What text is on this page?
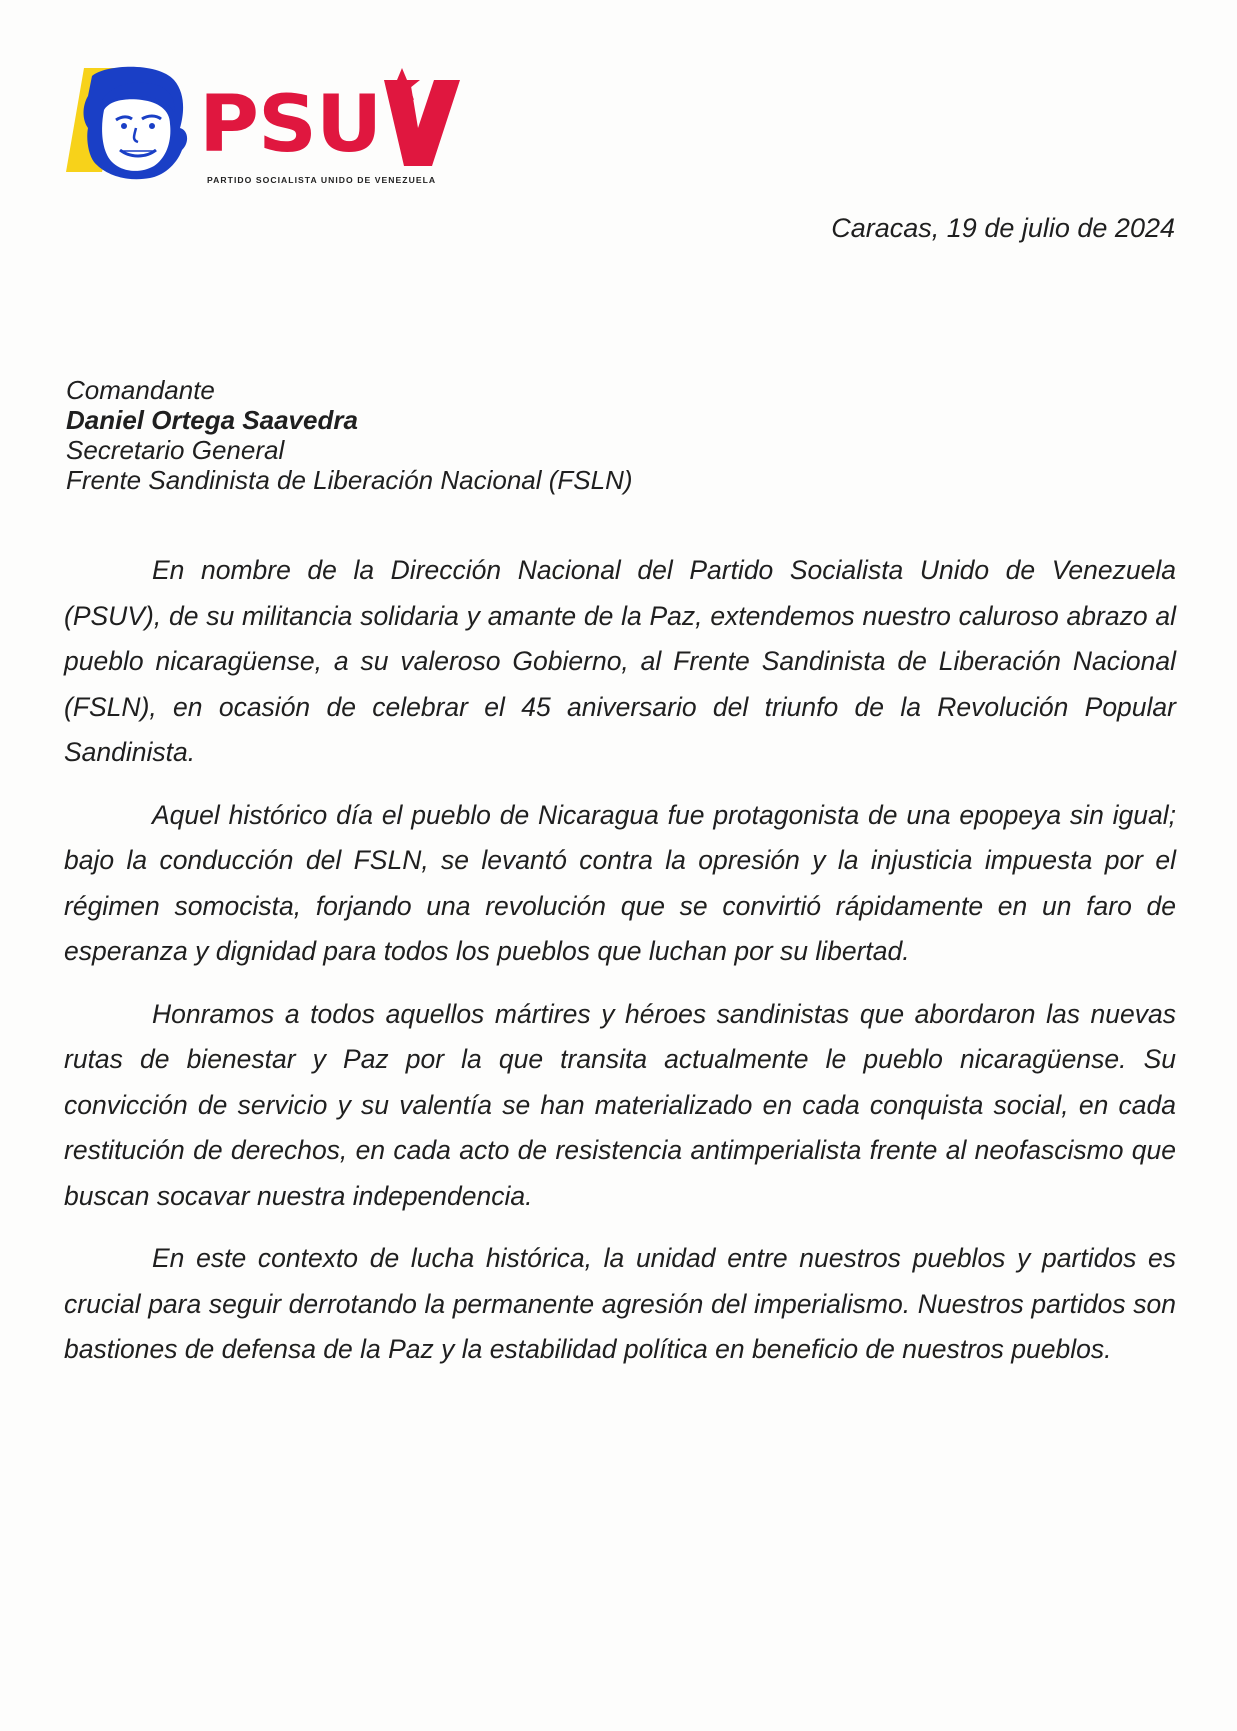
PSU
PARTIDO SOCIALISTA UNIDO DE VENEZUELA
Caracas, 19 de julio de 2024
Comandante
Daniel Ortega Saavedra
Secretario General
Frente Sandinista de Liberación Nacional (FSLN)

En nombre de la Dirección Nacional del Partido Socialista Unido de Venezuela (PSUV), de su militancia solidaria y amante de la Paz, extendemos nuestro caluroso abrazo al pueblo nicaragüense, a su valeroso Gobierno, al Frente Sandinista de Liberación Nacional (FSLN), en ocasión de celebrar el 45 aniversario del triunfo de la Revolución Popular Sandinista.

Aquel histórico día el pueblo de Nicaragua fue protagonista de una epopeya sin igual; bajo la conducción del FSLN, se levantó contra la opresión y la injusticia impuesta por el régimen somocista, forjando una revolución que se convirtió rápidamente en un faro de esperanza y dignidad para todos los pueblos que luchan por su libertad.

Honramos a todos aquellos mártires y héroes sandinistas que abordaron las nuevas rutas de bienestar y Paz por la que transita actualmente le pueblo nicaragüense. Su convicción de servicio y su valentía se han materializado en cada conquista social, en cada restitución de derechos, en cada acto de resistencia antimperialista frente al neofascismo que buscan socavar nuestra independencia.

En este contexto de lucha histórica, la unidad entre nuestros pueblos y partidos es crucial para seguir derrotando la permanente agresión del imperialismo. Nuestros partidos son bastiones de defensa de la Paz y la estabilidad política en beneficio de nuestros pueblos.
